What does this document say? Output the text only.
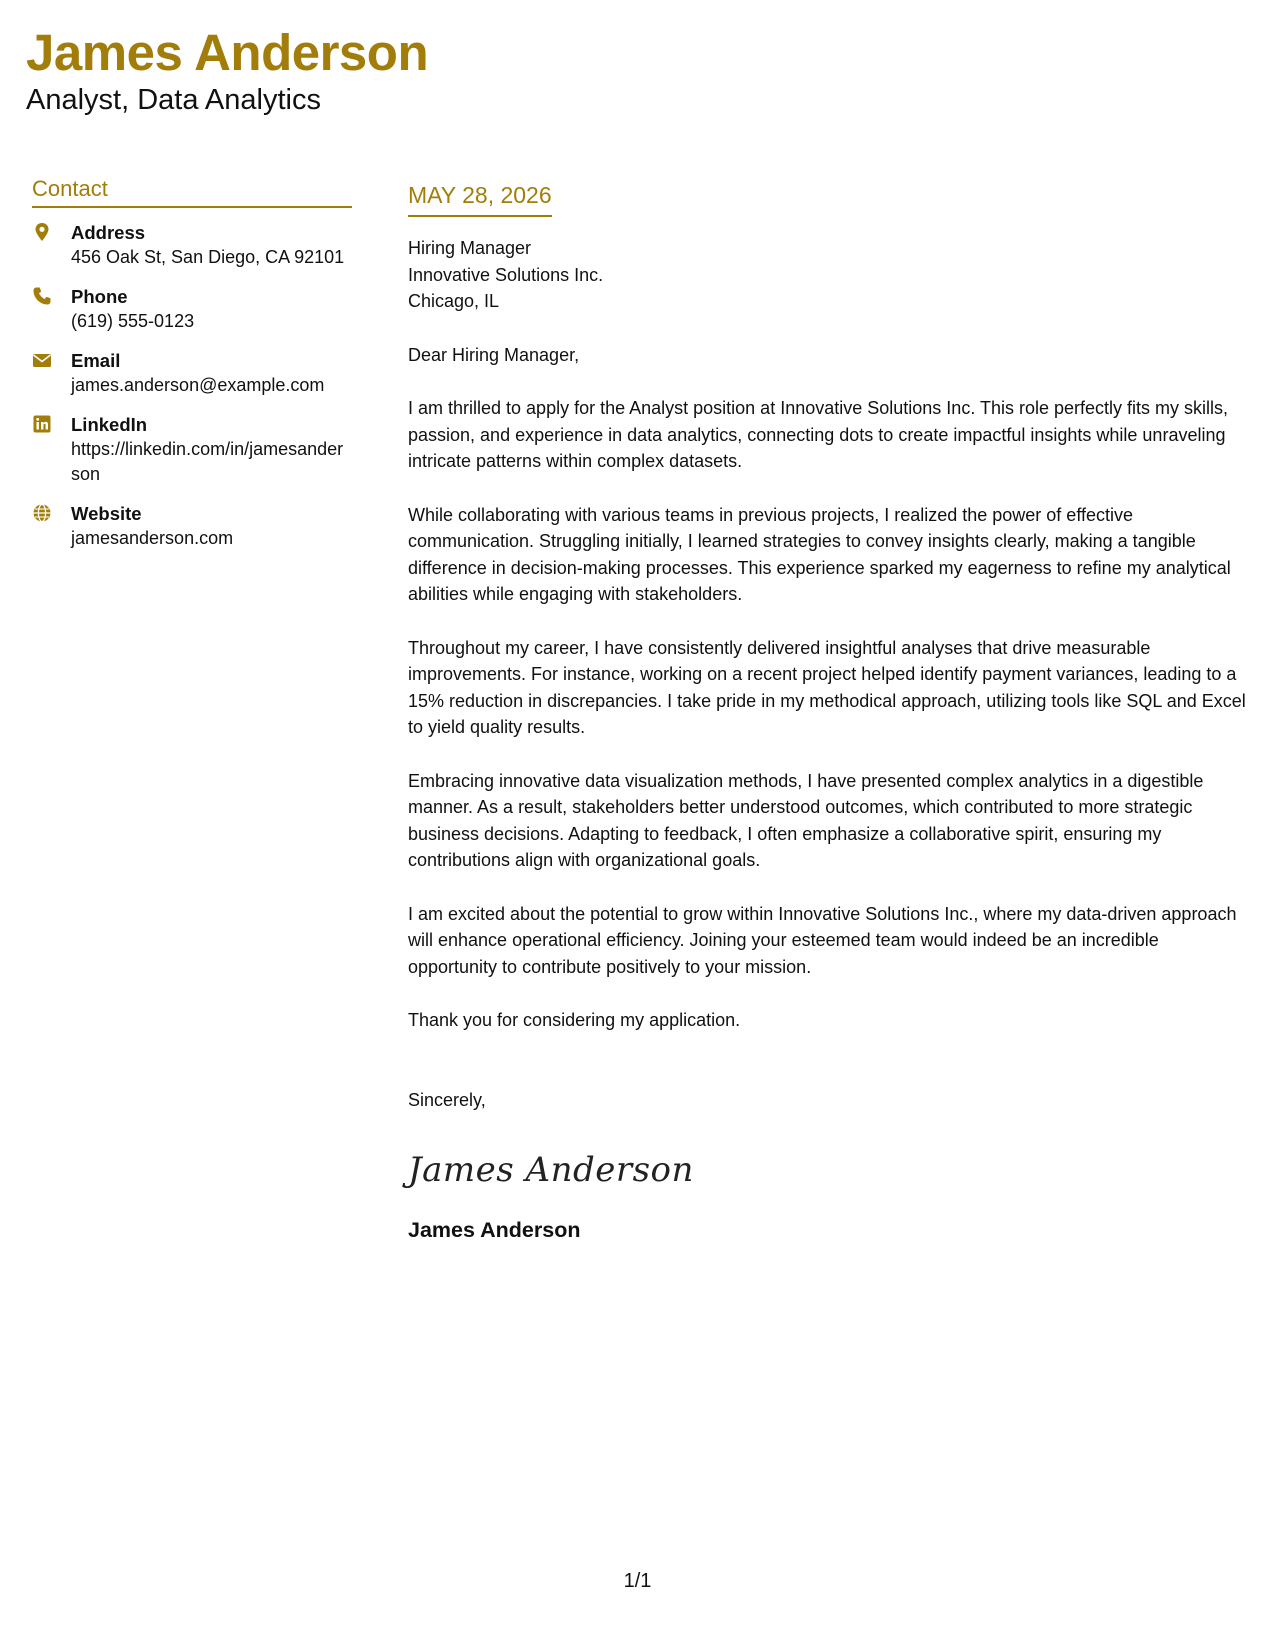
James Anderson
Analyst, Data Analytics
Contact
Address
456 Oak St, San Diego, CA 92101
Phone
(619) 555-0123
Email
james.anderson@example.com
LinkedIn
https://linkedin.com/in/jamesanderson
Website
jamesanderson.com
MAY 28, 2026
Hiring Manager
Innovative Solutions Inc.
Chicago, IL
Dear Hiring Manager,
I am thrilled to apply for the Analyst position at Innovative Solutions Inc. This role perfectly fits my skills, passion, and experience in data analytics, connecting dots to create impactful insights while unraveling intricate patterns within complex datasets.
While collaborating with various teams in previous projects, I realized the power of effective communication. Struggling initially, I learned strategies to convey insights clearly, making a tangible difference in decision-making processes. This experience sparked my eagerness to refine my analytical abilities while engaging with stakeholders.
Throughout my career, I have consistently delivered insightful analyses that drive measurable improvements. For instance, working on a recent project helped identify payment variances, leading to a 15% reduction in discrepancies. I take pride in my methodical approach, utilizing tools like SQL and Excel to yield quality results.
Embracing innovative data visualization methods, I have presented complex analytics in a digestible manner. As a result, stakeholders better understood outcomes, which contributed to more strategic business decisions. Adapting to feedback, I often emphasize a collaborative spirit, ensuring my contributions align with organizational goals.
I am excited about the potential to grow within Innovative Solutions Inc., where my data-driven approach will enhance operational efficiency. Joining your esteemed team would indeed be an incredible opportunity to contribute positively to your mission.
Thank you for considering my application.
Sincerely,
James Anderson
James Anderson
1/1
